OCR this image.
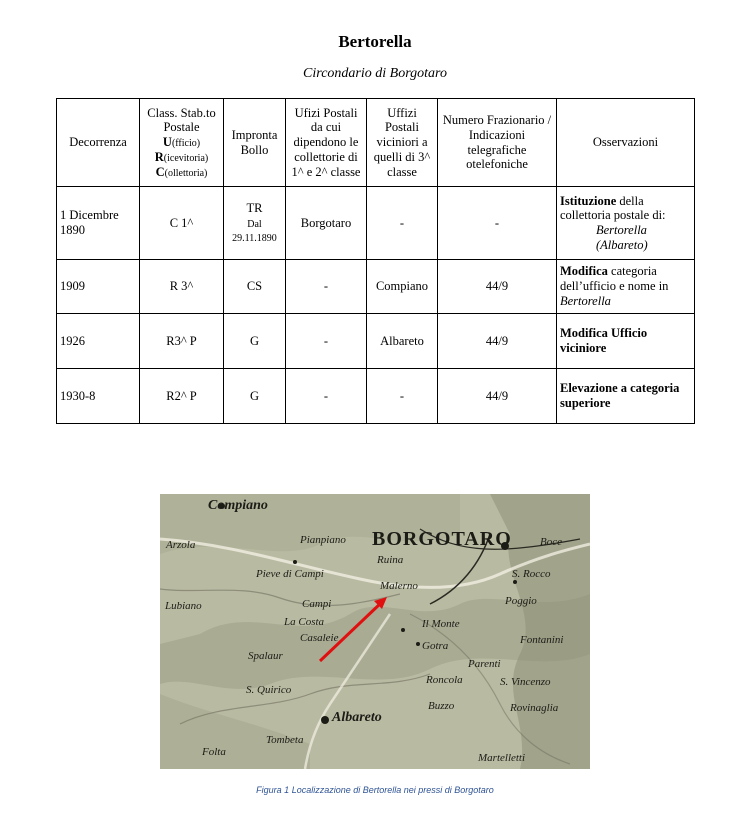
Bertorella
Circondario di Borgotaro
Decorrenza	Class. Stab.to
Postale
U(fficio)
R(icevitoria)
C(ollettoria)	Impronta Bollo	Ufizi Postali da cui dipendono le collettorie di 1^ e 2^ classe	Uffizi Postali viciniori a quelli di 3^ classe	Numero Frazionario / Indicazioni telegrafiche otelefoniche	Osservazioni
1 Dicembre 1890	C 1^	TR
Dal 29.11.1890	Borgotaro	-	-	Istituzione della collettoria postale di:
Bertorella
(Albareto)

1909	R 3^	CS	-	Compiano	44/9	Modifica categoria dell’ufficio e nome in
Bertorella
1926	R3^ P	G	-	Albareto	44/9	Modifica Ufficio viciniore
1930-8	R2^ P	G	-	-	44/9	Elevazione a categoria superiore
Compiano
Arzola	BORGOTARO
Pianpiano
Ruina
Boce
Pieve di Campi
Malerno
S. Rocco
Lubiano	Campi	Poggio
La Costa	Il Monte
Casaleie	Fontanini
Gotra
Spalaur
Parenti
Roncola	S. Vincenzo
S. Quirico
Buzzo	Rovinaglia
Albareto
Tombeta
Folta	Martelletti
Figura 1 Localizzazione di Bertorella nei pressi di Borgotaro
